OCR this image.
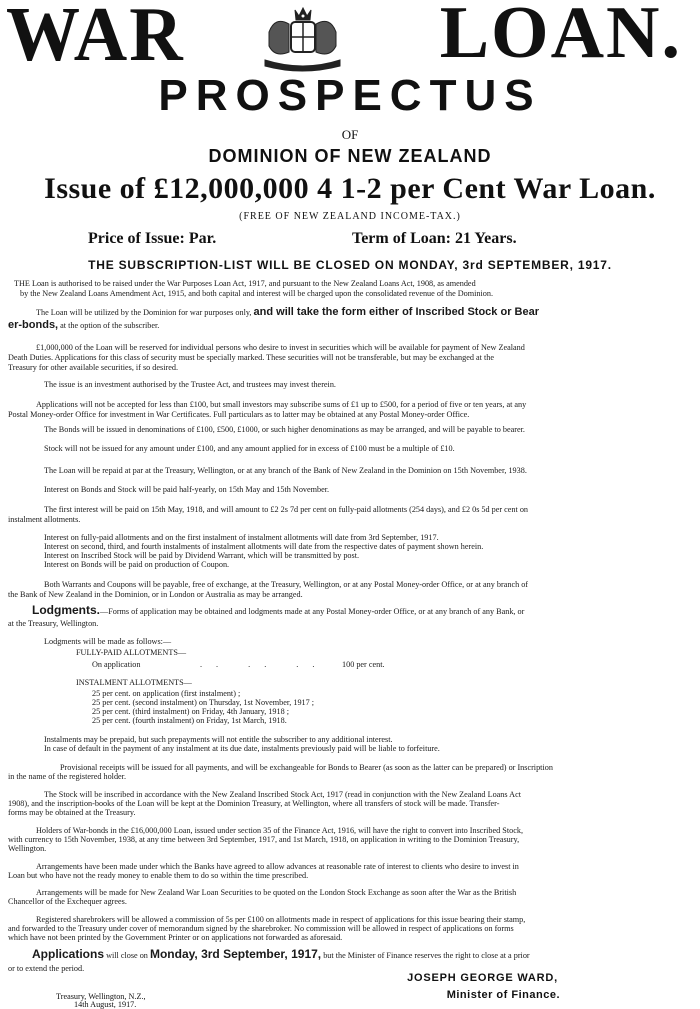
WAR	LOAN.
PROSPECTUS
OF
DOMINION OF NEW ZEALAND
Issue of £12,000,000 4 1-2 per Cent War Loan.
(FREE OF NEW ZEALAND INCOME-TAX.)
Price of Issue: Par.	Term of Loan: 21 Years.
THE SUBSCRIPTION-LIST WILL BE CLOSED ON MONDAY, 3rd SEPTEMBER, 1917.
THE Loan is authorised to be raised under the War Purposes Loan Act, 1917, and pursuant to the New Zealand Loans Act, 1908, as amended
by the New Zealand Loans Amendment Act, 1915, and both capital and interest will be charged upon the consolidated revenue of the Dominion.
The Loan will be utilized by the Dominion for war purposes only, and will take the form either of Inscribed Stock or Bear
er-bonds, at the option of the subscriber.
£1,000,000 of the Loan will be reserved for individual persons who desire to invest in securities which will be available for payment of New Zealand
Death Duties. Applications for this class of security must be specially marked. These securities will not be transferable, but may be exchanged at the
Treasury for other available securities, if so desired.
The issue is an investment authorised by the Trustee Act, and trustees may invest therein.
Applications will not be accepted for less than £100, but small investors may subscribe sums of £1 up to £500, for a period of five or ten years, at any
Postal Money-order Office for investment in War Certificates. Full particulars as to latter may be obtained at any Postal Money-order Office.
The Bonds will be issued in denominations of £100, £500, £1000, or such higher denominations as may be arranged, and will be payable to bearer.
Stock will not be issued for any amount under £100, and any amount applied for in excess of £100 must be a multiple of £10.
The Loan will be repaid at par at the Treasury, Wellington, or at any branch of the Bank of New Zealand in the Dominion on 15th November, 1938.
Interest on Bonds and Stock will be paid half-yearly, on 15th May and 15th November.
The first interest will be paid on 15th May, 1918, and will amount to £2 2s 7d per cent on fully-paid allotments (254 days), and £2 0s 5d per cent on
instalment allotments.
Interest on fully-paid allotments and on the first instalment of instalment allotments will date from 3rd September, 1917.
Interest on second, third, and fourth instalments of instalment allotments will date from the respective dates of payment shown herein.
Interest on Inscribed Stock will be paid by Dividend Warrant, which will be transmitted by post.
Interest on Bonds will be paid on production of Coupon.
Both Warrants and Coupons will be payable, free of exchange, at the Treasury, Wellington, or at any Postal Money-order Office, or at any branch of
the Bank of New Zealand in the Dominion, or in London or Australia as may be arranged.
Lodgments.—Forms of application may be obtained and lodgments made at any Postal Money-order Office, or at any branch of any Bank, or
at the Treasury, Wellington.
Lodgments will be made as follows:—
FULLY-PAID ALLOTMENTS—
On application	.. .. .. 100 per cent.
INSTALMENT ALLOTMENTS—
25 per cent. on application (first instalment) ;
25 per cent. (second instalment) on Thursday, 1st November, 1917 ;
25 per cent. (third instalment) on Friday, 4th January, 1918 ;
25 per cent. (fourth instalment) on Friday, 1st March, 1918.
Instalments may be prepaid, but such prepayments will not entitle the subscriber to any additional interest.
In case of default in the payment of any instalment at its due date, instalments previously paid will be liable to forfeiture.
Provisional receipts will be issued for all payments, and will be exchangeable for Bonds to Bearer (as soon as the latter can be prepared) or Inscription
in the name of the registered holder.
The Stock will be inscribed in accordance with the New Zealand Inscribed Stock Act, 1917 (read in conjunction with the New Zealand Loans Act
1908), and the inscription-books of the Loan will be kept at the Dominion Treasury, at Wellington, where all transfers of stock will be made. Transfer-
forms may be obtained at the Treasury.
Holders of War-bonds in the £16,000,000 Loan, issued under section 35 of the Finance Act, 1916, will have the right to convert into Inscribed Stock,
with currency to 15th November, 1938, at any time between 3rd September, 1917, and 1st March, 1918, on application in writing to the Dominion Treasury,
Wellington.
Arrangements have been made under which the Banks have agreed to allow advances at reasonable rate of interest to clients who desire to invest in
Loan but who have not the ready money to enable them to do so within the time prescribed.
Arrangements will be made for New Zealand War Loan Securities to be quoted on the London Stock Exchange as soon after the War as the British
Chancellor of the Exchequer agrees.
Registered sharebrokers will be allowed a commission of 5s per £100 on allotments made in respect of applications for this issue bearing their stamp,
and forwarded to the Treasury under cover of memorandum signed by the sharebroker. No commission will be allowed in respect of applications on forms
which have not been printed by the Government Printer or on applications not forwarded as aforesaid.
Applications will close on Monday, 3rd September, 1917, but the Minister of Finance reserves the right to close at a prior
or to extend the period.
JOSEPH GEORGE WARD,
Minister of Finance.
Treasury, Wellington, N.Z.,
14th August, 1917.
